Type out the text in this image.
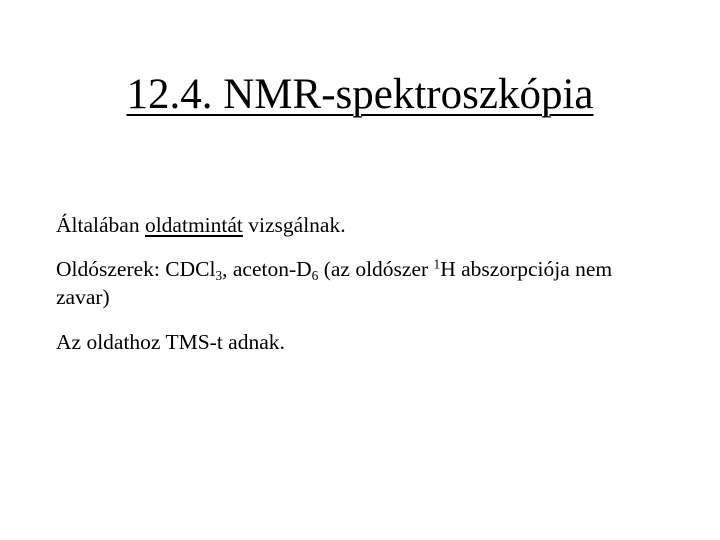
12.4. NMR-spektroszkópia

Általában oldatmintát vizsgálnak.

Oldószerek: CDCl$_3$, aceton-$D_6$ (az oldószer $^1$H abszorpciója nem zavar)

Az oldathoz TMS-t adnak.
